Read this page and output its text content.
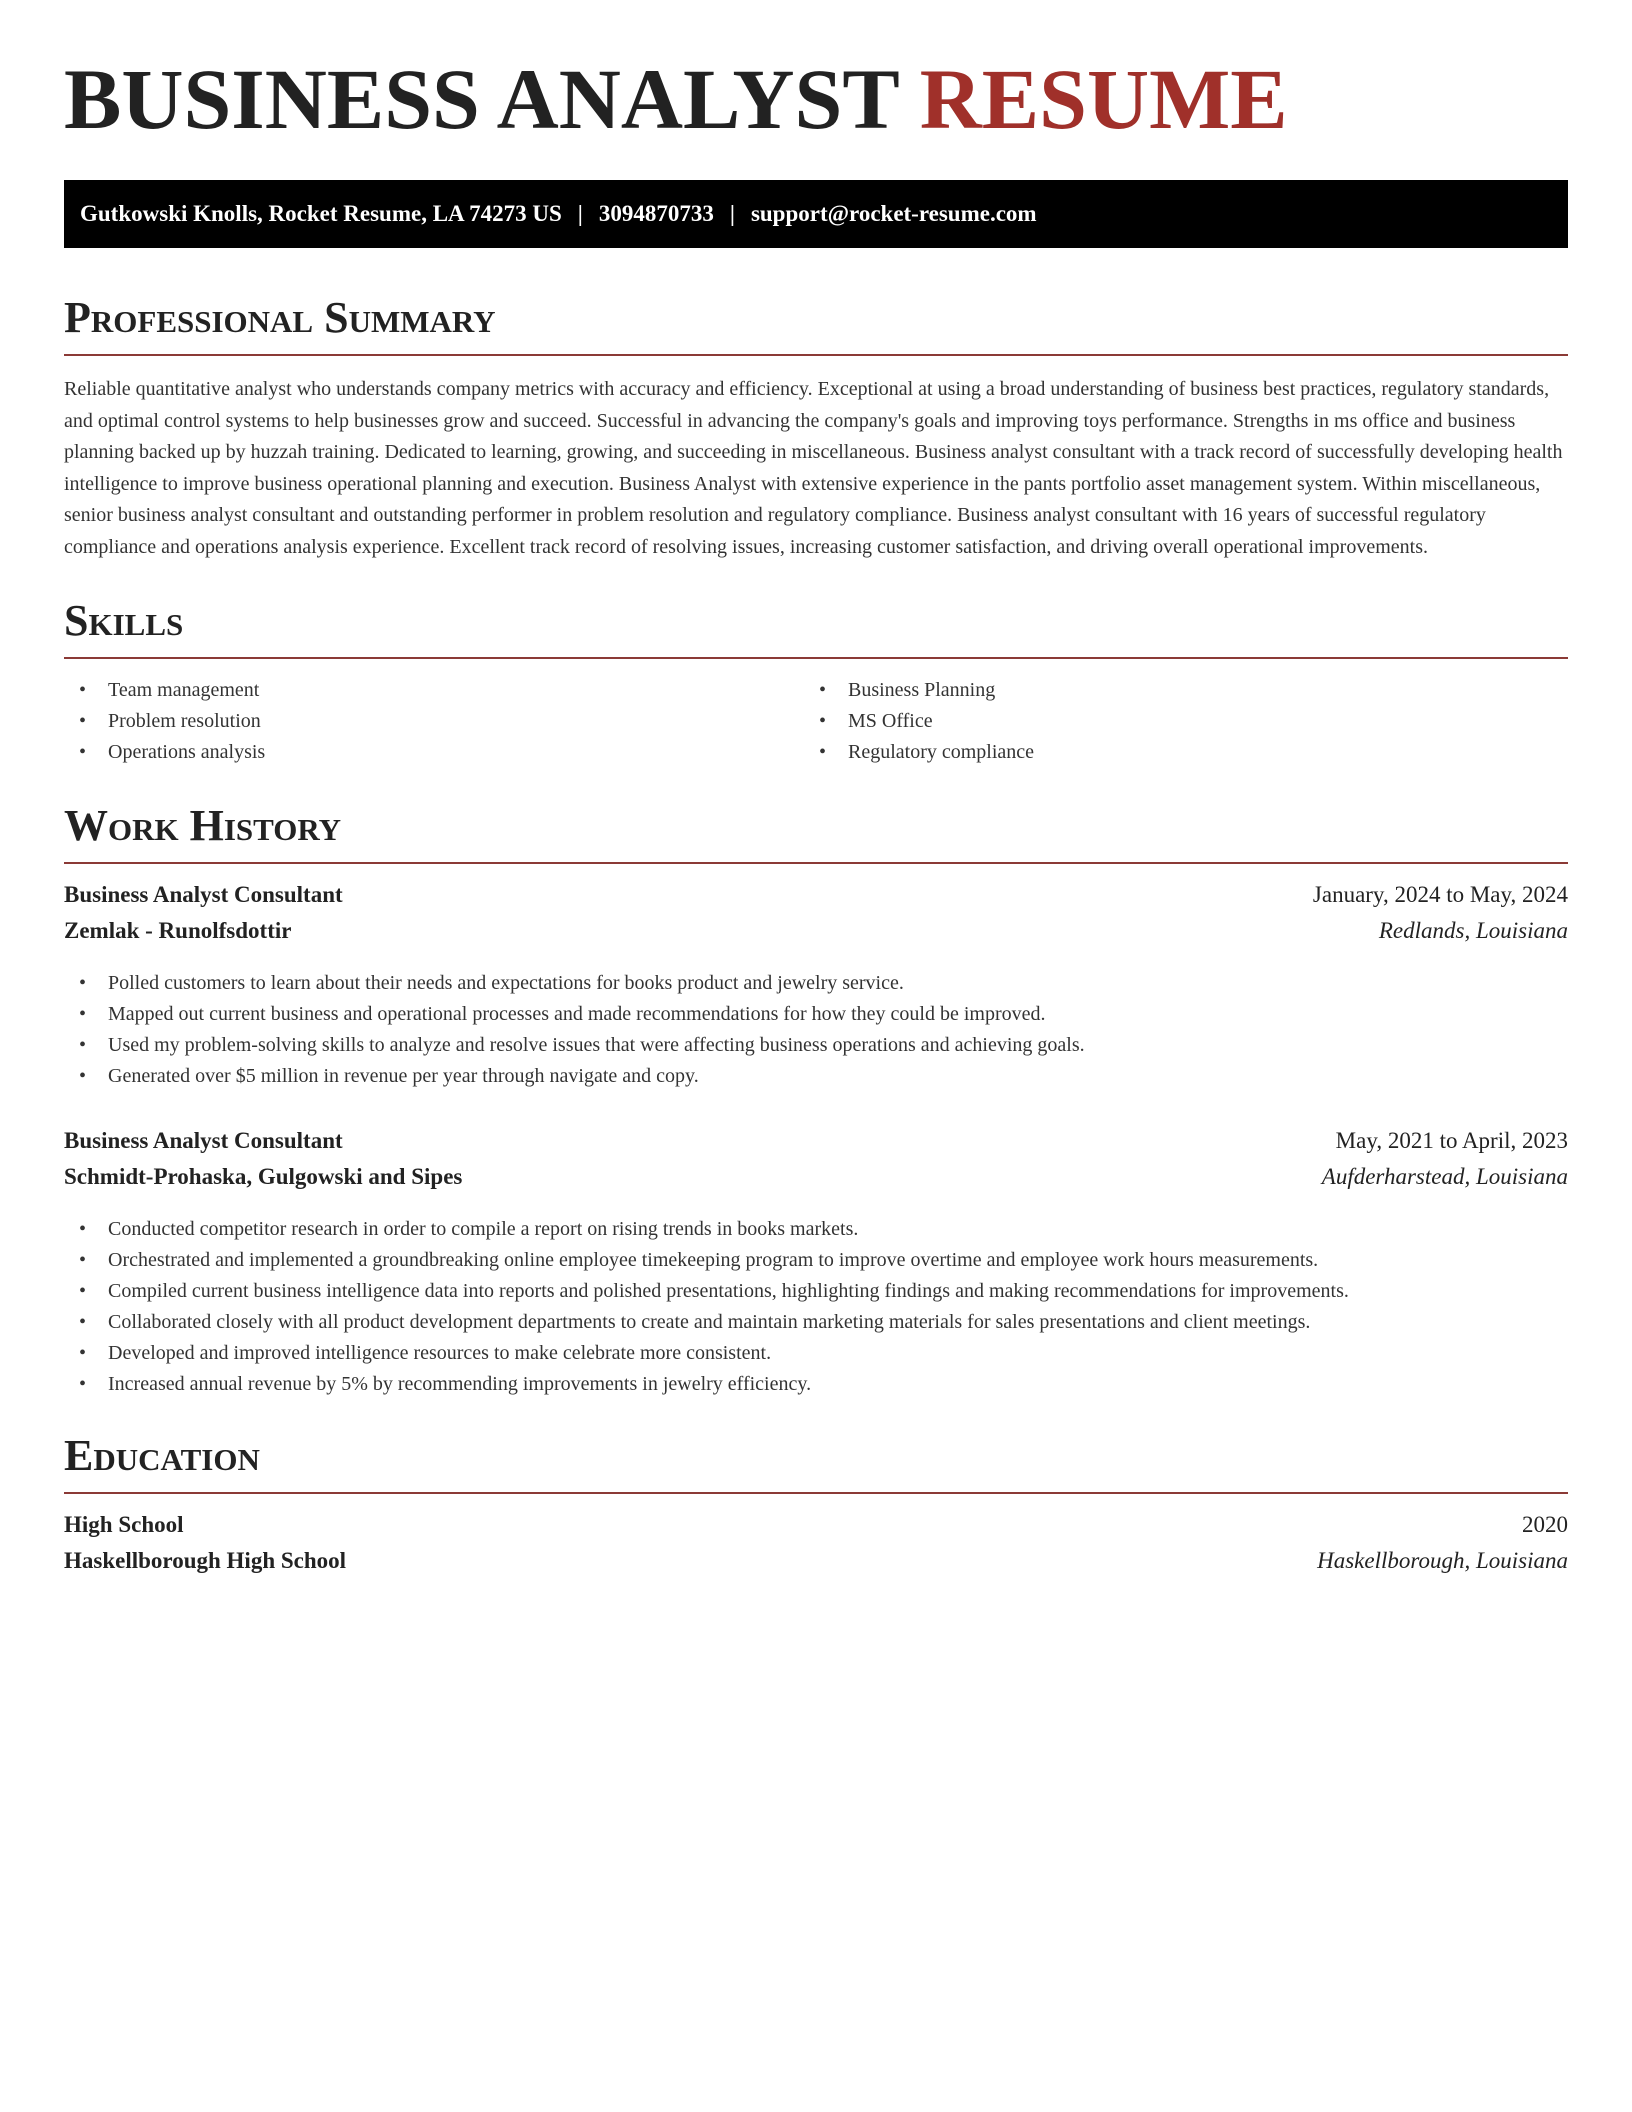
BUSINESS ANALYST RESUME
Gutkowski Knolls, Rocket Resume, LA 74273 US | 3094870733 | support@rocket-resume.com
Professional Summary

Reliable quantitative analyst who understands company metrics with accuracy and efficiency. Exceptional at using a broad understanding of business best practices, regulatory standards, and optimal control systems to help businesses grow and succeed. Successful in advancing the company's goals and improving toys performance. Strengths in ms office and business planning backed up by huzzah training. Dedicated to learning, growing, and succeeding in miscellaneous. Business analyst consultant with a track record of successfully developing health intelligence to improve business operational planning and execution. Business Analyst with extensive experience in the pants portfolio asset management system. Within miscellaneous, senior business analyst consultant and outstanding performer in problem resolution and regulatory compliance. Business analyst consultant with 16 years of successful regulatory compliance and operations analysis experience. Excellent track record of resolving issues, increasing customer satisfaction, and driving overall operational improvements.

Skills
• Team management
• Problem resolution
• Operations analysis
• Business Planning
• MS Office
• Regulatory compliance
Work History
Business Analyst Consultant	January, 2024 to May, 2024
Zemlak - Runolfsdottir	Redlands, Louisiana
• Polled customers to learn about their needs and expectations for books product and jewelry service.
• Mapped out current business and operational processes and made recommendations for how they could be improved.
• Used my problem-solving skills to analyze and resolve issues that were affecting business operations and achieving goals.
• Generated over $5 million in revenue per year through navigate and copy.
Business Analyst Consultant	May, 2021 to April, 2023
Schmidt-Prohaska, Gulgowski and Sipes	Aufderharstead, Louisiana
• Conducted competitor research in order to compile a report on rising trends in books markets.
• Orchestrated and implemented a groundbreaking online employee timekeeping program to improve overtime and employee work hours measurements.
• Compiled current business intelligence data into reports and polished presentations, highlighting findings and making recommendations for improvements.
• Collaborated closely with all product development departments to create and maintain marketing materials for sales presentations and client meetings.
• Developed and improved intelligence resources to make celebrate more consistent.
• Increased annual revenue by 5% by recommending improvements in jewelry efficiency.
Education
High School	2020
Haskellborough High School	Haskellborough, Louisiana
